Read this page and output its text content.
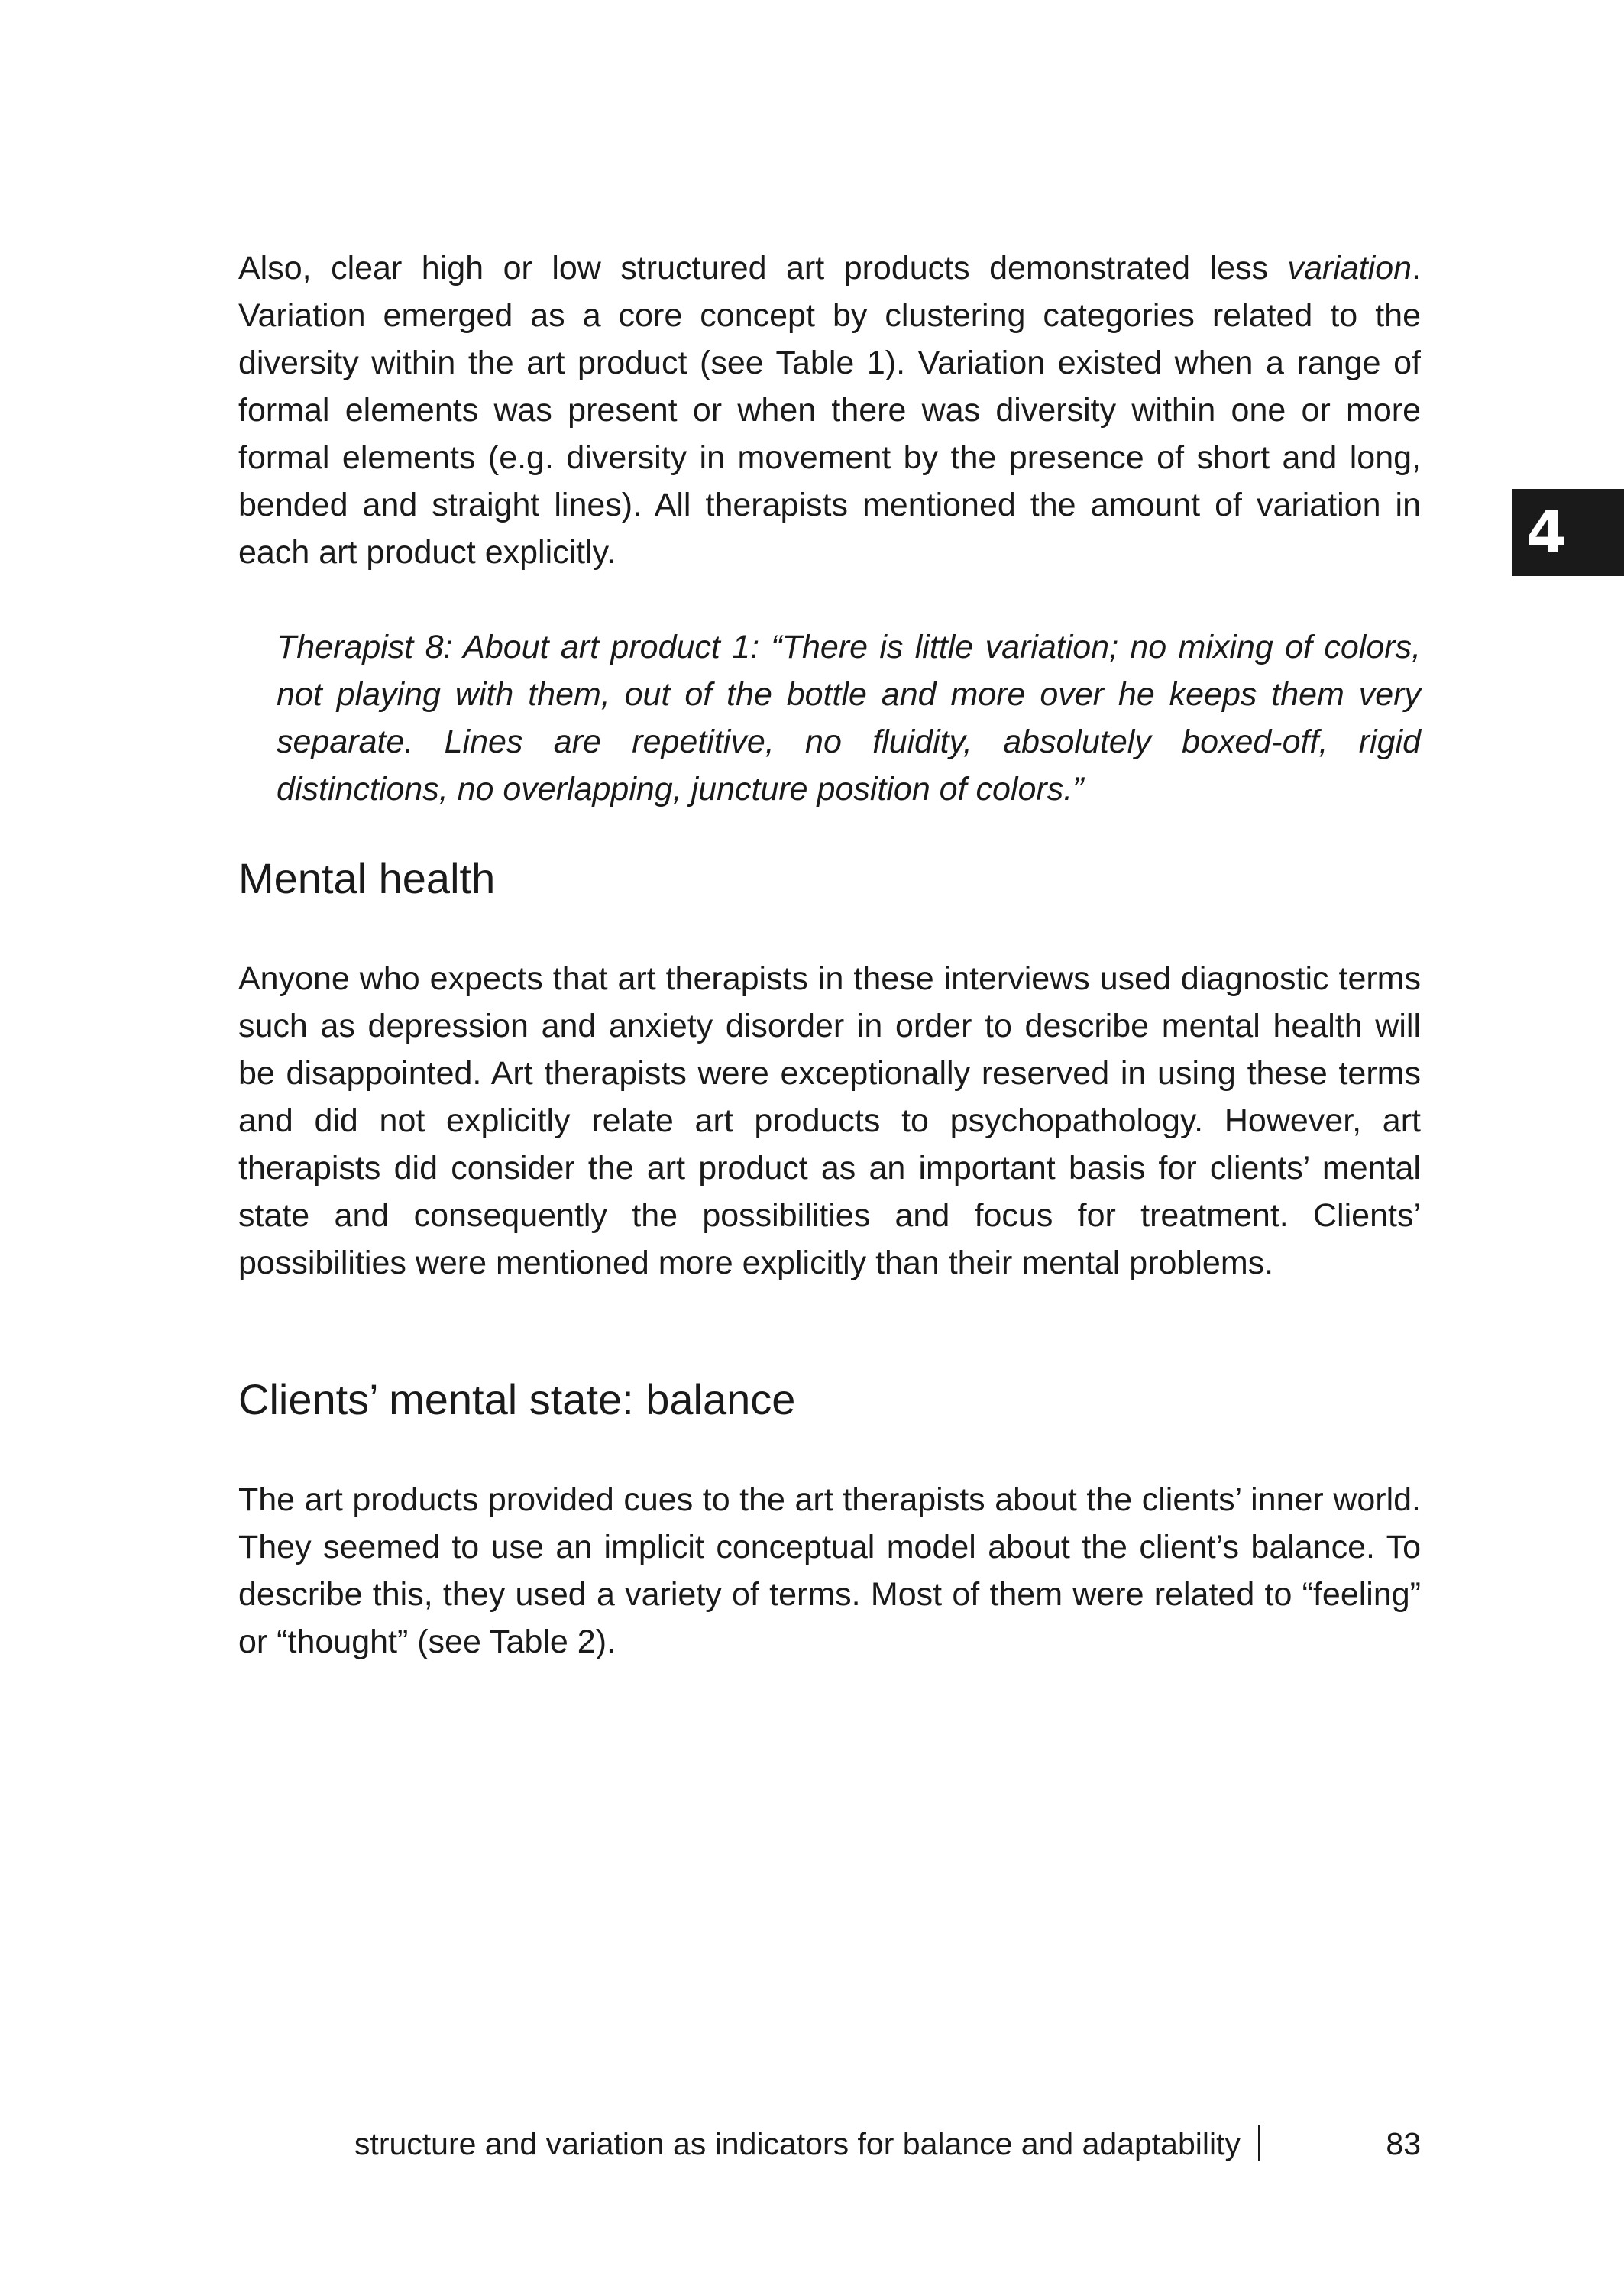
4

Also, clear high or low structured art products demonstrated less variation. Variation emerged as a core concept by clustering categories related to the diversity within the art product (see Table 1). Variation existed when a range of formal elements was present or when there was diversity within one or more formal elements (e.g. diversity in movement by the presence of short and long, bended and straight lines). All therapists mentioned the amount of variation in each art product explicitly.

Therapist 8: About art product 1: “There is little variation; no mixing of colors, not playing with them, out of the bottle and more over he keeps them very separate. Lines are repetitive, no fluidity, absolutely boxed-off, rigid distinctions, no overlapping, juncture position of colors.”

Mental health

Anyone who expects that art therapists in these interviews used diagnostic terms such as depression and anxiety disorder in order to describe mental health will be disappointed. Art therapists were exceptionally reserved in using these terms and did not explicitly relate art products to psychopathology. However, art therapists did consider the art product as an important basis for clients’ mental state and consequently the possibilities and focus for treatment. Clients’ possibilities were mentioned more explicitly than their mental problems.

Clients’ mental state: balance

The art products provided cues to the art therapists about the clients’ inner world. They seemed to use an implicit conceptual model about the client’s balance. To describe this, they used a variety of terms. Most of them were related to “feeling” or “thought” (see Table 2).

structure and variation as indicators for balance and adaptability	83
